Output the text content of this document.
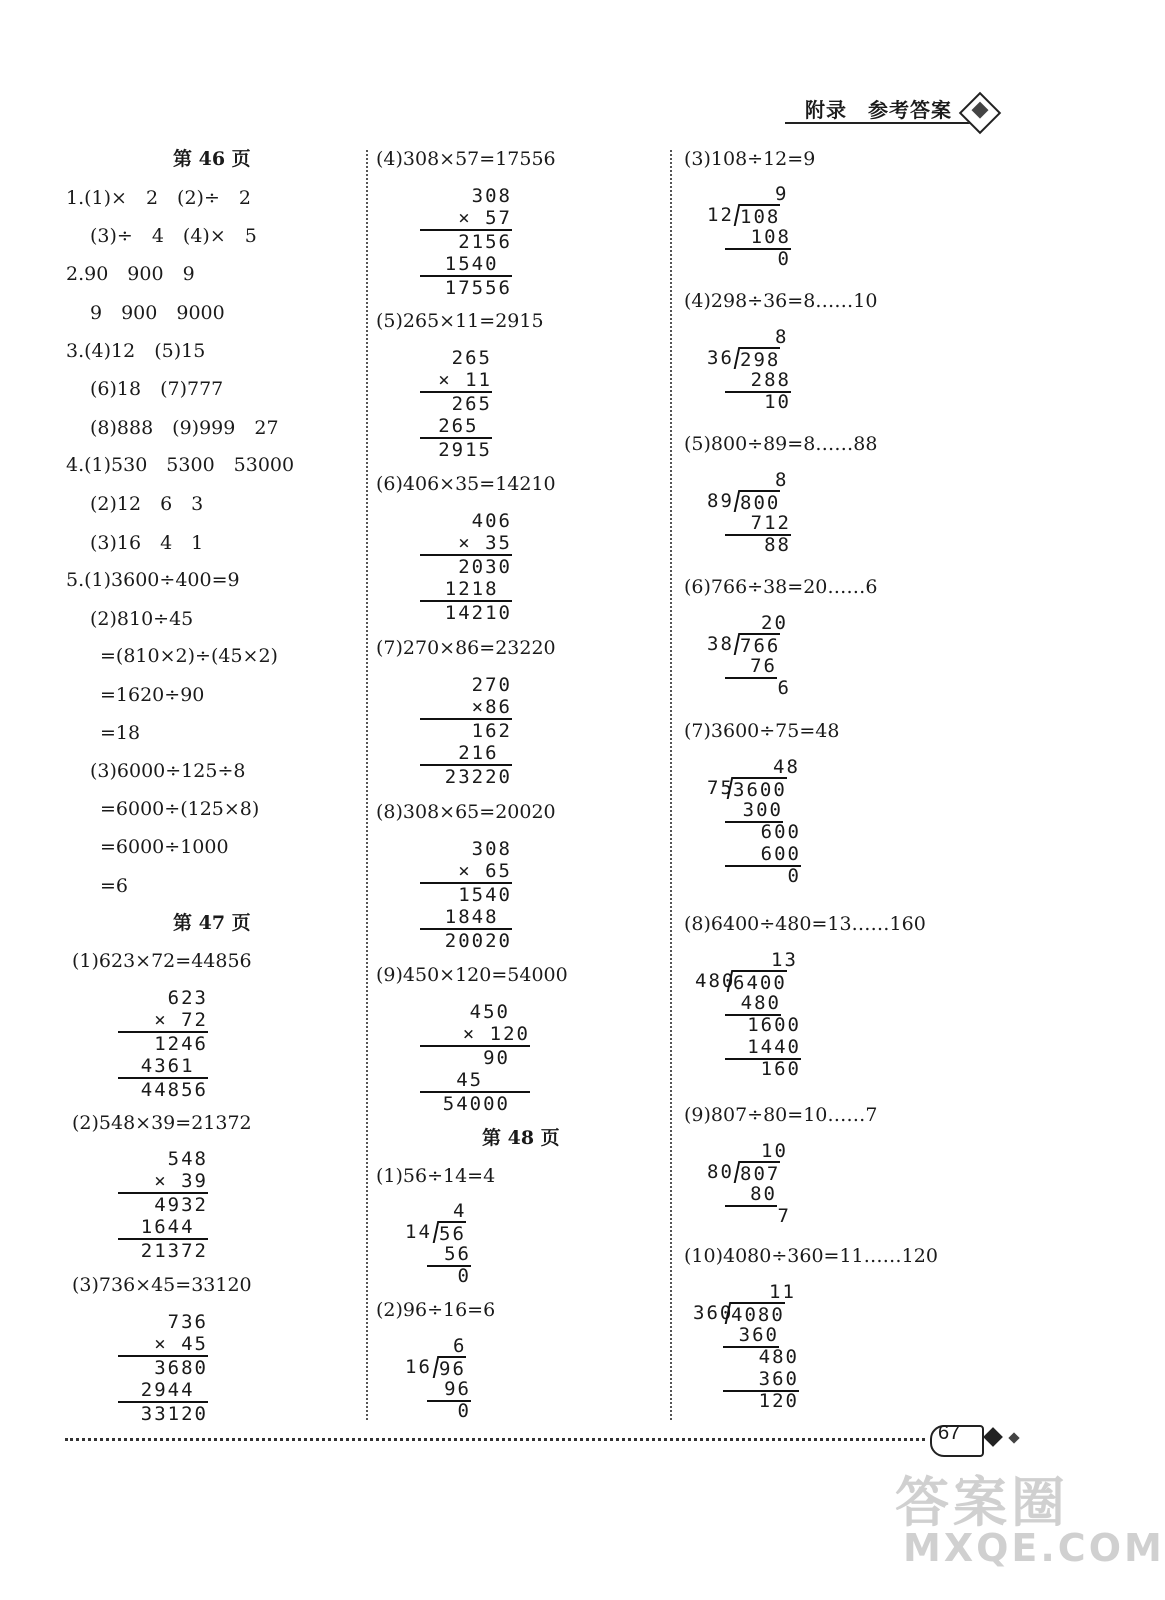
附录　参考答案
第 46 页
1.(1)×　2　(2)÷　2
(3)÷　4　(4)×　5
2.90　900　9
9　900　9000
3.(4)12　(5)15
(6)18　(7)777
(8)888　(9)999　27
4.(1)530　5300　53000
(2)12　6　3
(3)16　4　1
5.(1)3600÷400=9
(2)810÷45
=(810×2)÷(45×2)
=1620÷90
=18
(3)6000÷125÷8
=6000÷(125×8)
=6000÷1000
=6
第 47 页
(1)623×72=44856
623
× 72
1246
4361
44856
(2)548×39=21372
548
× 39
4932
1644
21372
(3)736×45=33120
736
× 45
3680
2944
33120
(4)308×57=17556
308
× 57
2156
1540
17556
(5)265×11=2915
265
× 11
265
265
2915
(6)406×35=14210
406
× 35
2030
1218
14210
(7)270×86=23220
270
×86
162
216
23220
(8)308×65=20020
308
× 65
1540
1848
20020
(9)450×120=54000
450
× 120
90
45
54000
第 48 页
(1)56÷14=4
4
14 56
56
0
(2)96÷16=6
6
16 96
96
0
(3)108÷12=9
9
12 108
108
0
(4)298÷36=8……10
8
36 298
288
10
(5)800÷89=8……88
8
89 800
712
88
(6)766÷38=20……6
20
38 766
76
6
(7)3600÷75=48
48
75 3600
300
600
600
0
(8)6400÷480=13……160
13
480
6400
480
1600
1440
160
(9)807÷80=10……7
10
80 807
80
7
(10)4080÷360=11……120
11
360
4080
360
480
360
120
67
答案圈
MXQE.COM
